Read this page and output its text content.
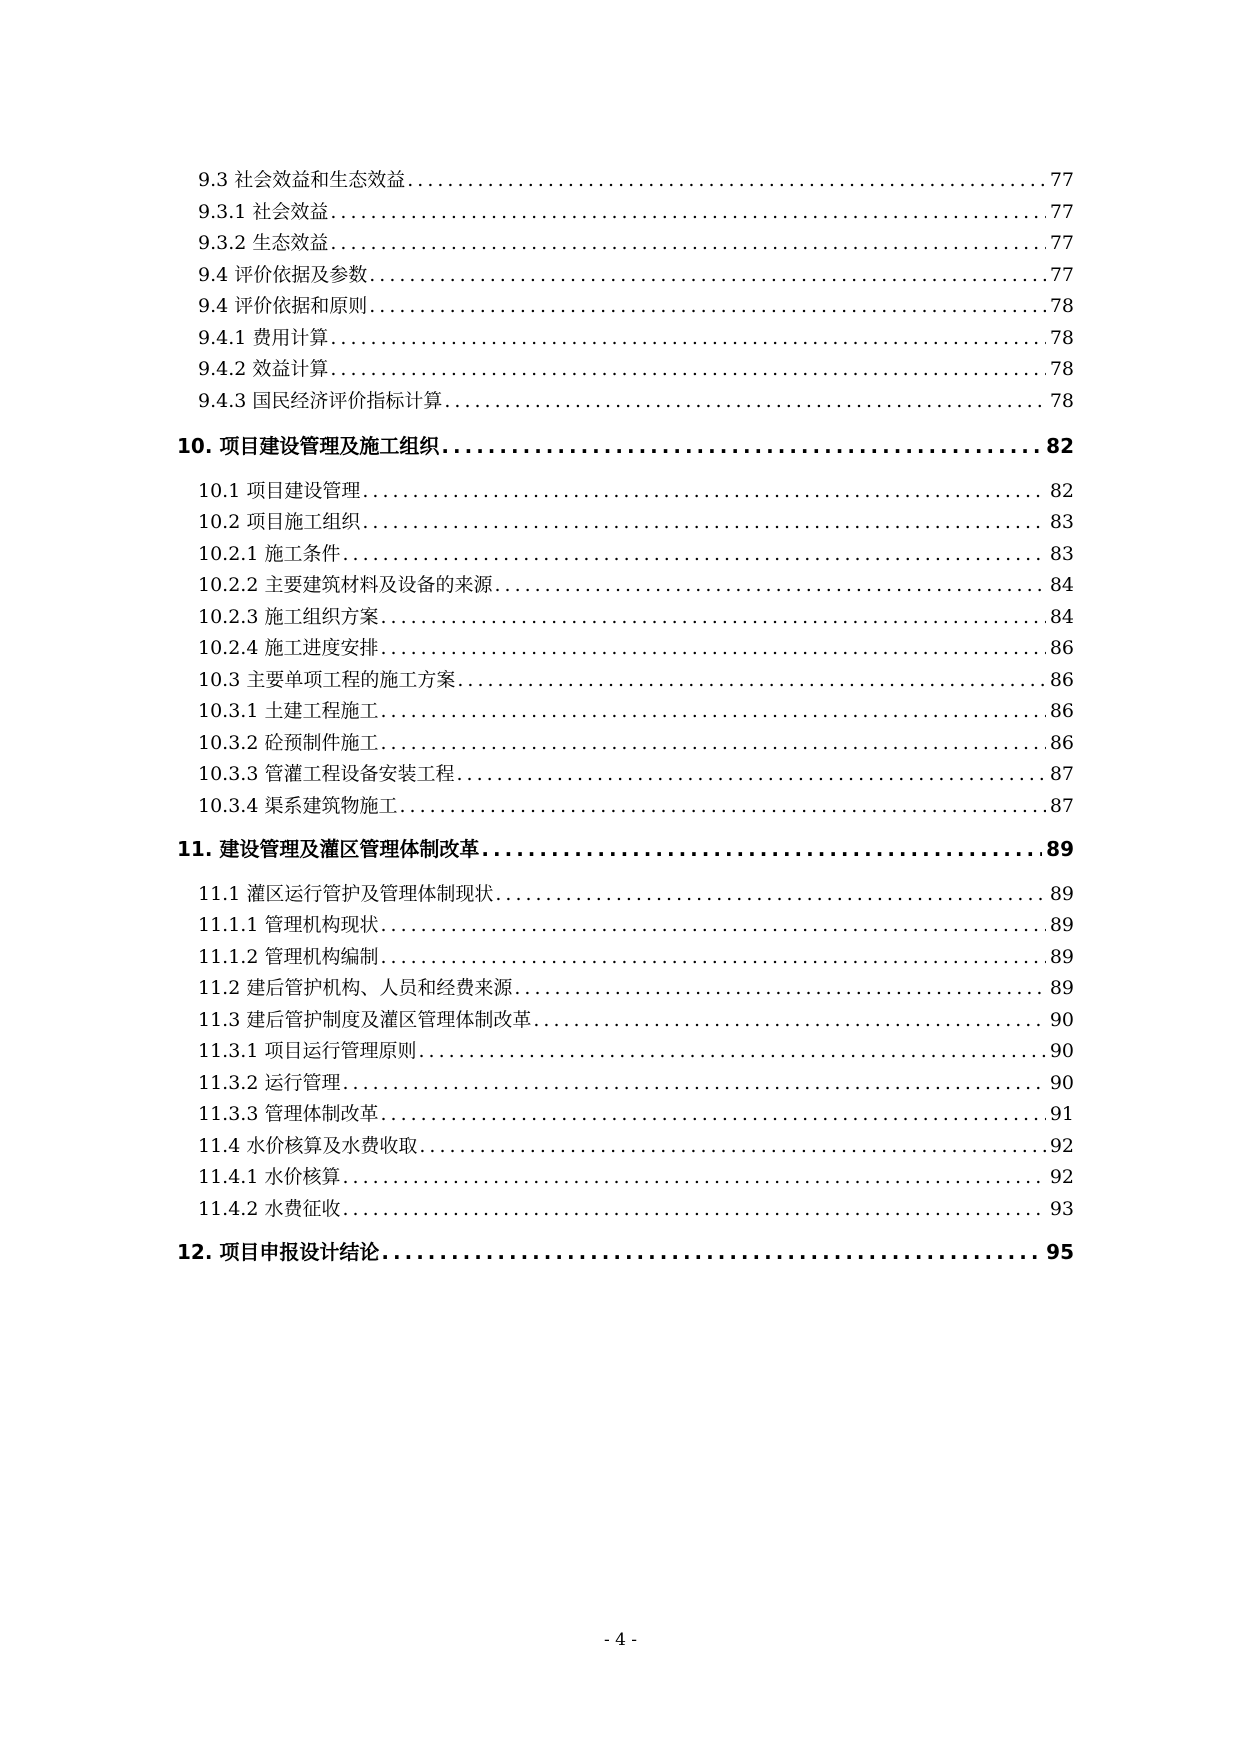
9.3 社会效益和生态效益 .....	77
9.3.1 社会效益 .....	77
9.3.2 生态效益 .....	77
9.4 评价依据及参数 .....	77
9.4 评价依据和原则 .....	78
9.4.1 费用计算 .....	78
9.4.2 效益计算 .....	78
9.4.3 国民经济评价指标计算 .....	78
10. 项目建设管理及施工组织 .....	82
10.1 项目建设管理 .....	82
10.2 项目施工组织 .....	83
10.2.1 施工条件 .....	83
10.2.2 主要建筑材料及设备的来源 .....	84
10.2.3 施工组织方案 .....	84
10.2.4 施工进度安排 .....	86
10.3 主要单项工程的施工方案 .....	86
10.3.1 土建工程施工 .....	86
10.3.2 砼预制件施工 .....	86
10.3.3 管灌工程设备安装工程 .....	87
10.3.4 渠系建筑物施工 .....	87
11. 建设管理及灌区管理体制改革 .....	89
11.1 灌区运行管护及管理体制现状 .....	89
11.1.1 管理机构现状 .....	89
11.1.2 管理机构编制 .....	89
11.2 建后管护机构、人员和经费来源 .....	89
11.3 建后管护制度及灌区管理体制改革 .....	90
11.3.1 项目运行管理原则 .....	90
11.3.2 运行管理 .....	90
11.3.3 管理体制改革 .....	91
11.4 水价核算及水费收取 .....	92
11.4.1 水价核算 .....	92
11.4.2 水费征收 .....	93
12. 项目申报设计结论 .....	95
- 4 -
